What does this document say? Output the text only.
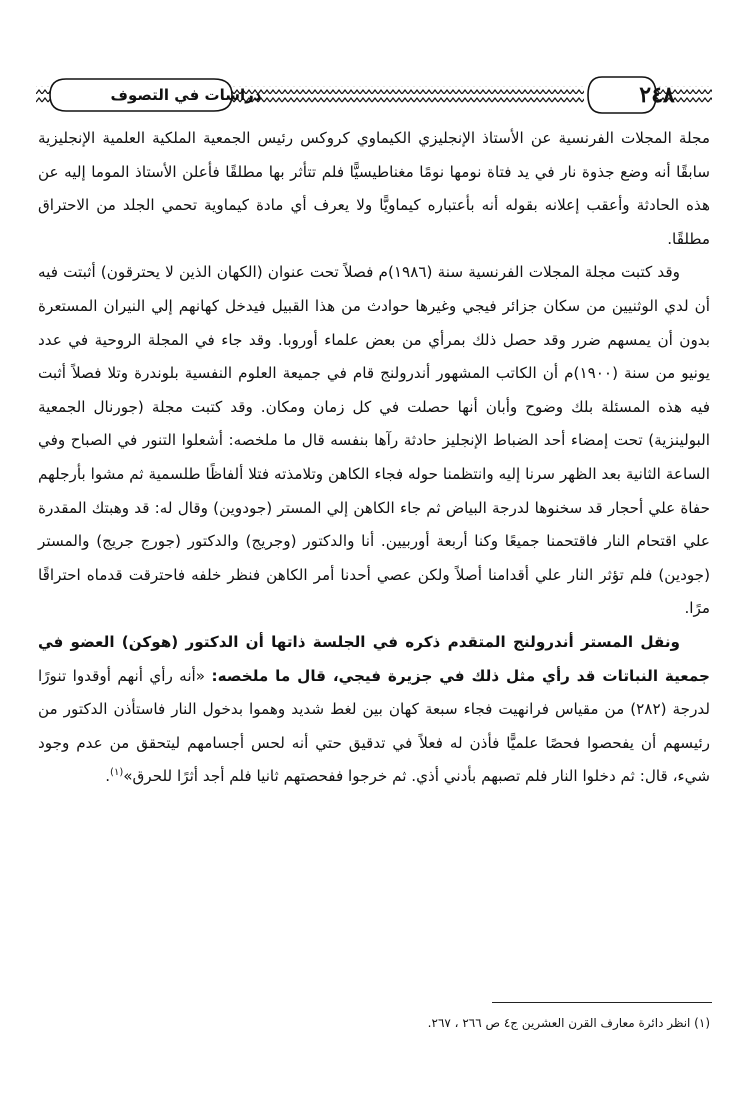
دراسات في التصوف	٢٤٨

مجلة المجلات الفرنسية عن الأستاذ الإنجليزي الكيماوي كروكس رئيس الجمعية الملكية العلمية الإنجليزية سابقًا أنه وضع جذوة نار في يد فتاة نومها نومًا مغناطيسيًّا فلم تتأثر بها مطلقًا فأعلن الأستاذ الموما إليه عن هذه الحادثة وأعقب إعلانه بقوله أنه بأعتباره كيماويًّا ولا يعرف أي مادة كيماوية تحمي الجلد من الاحتراق مطلقًا.

وقد كتبت مجلة المجلات الفرنسية سنة (١٩٨٦)م فصلاً تحت عنوان (الكهان الذين لا يحترقون) أثبتت فيه أن لدي الوثنيين من سكان جزائر فيجي وغيرها حوادث من هذا القبيل فيدخل كهانهم إلي النيران المستعرة بدون أن يمسهم ضرر وقد حصل ذلك بمرأي من بعض علماء أوروبا. وقد جاء في المجلة الروحية في عدد يونيو من سنة (١٩٠٠)م أن الكاتب المشهور أندرولنج قام في جميعة العلوم النفسية بلوندرة وتلا فصلاً أثبت فيه هذه المسئلة بلك وضوح وأبان أنها حصلت في كل زمان ومكان. وقد كتبت مجلة (جورنال الجمعية البولينزية) تحت إمضاء أحد الضباط الإنجليز حادثة رآها بنفسه قال ما ملخصه: أشعلوا التنور في الصباح وفي الساعة الثانية بعد الظهر سرنا إليه وانتظمنا حوله فجاء الكاهن وتلامذته فتلا ألفاظًا طلسمية ثم مشوا بأرجلهم حفاة علي أحجار قد سخنوها لدرجة البياض ثم جاء الكاهن إلي المستر (جودوين) وقال له: قد وهبتك المقدرة علي اقتحام النار فاقتحمنا جميعًا وكنا أربعة أوربيين. أنا والدكتور (وجريج) والدكتور (جورج جريج) والمستر (جودين) فلم تؤثر النار علي أقدامنا أصلاً ولكن عصي أحدنا أمر الكاهن فنظر خلفه فاحترقت قدماه احتراقًا مرًا.

ونقل المستر أندرولنج المتقدم ذكره في الجلسة ذاتها أن الدكتور (هوكن) العضو في جمعية النباتات قد رأي مثل ذلك في جزيرة فيجي، قال ما ملخصه: «أنه رأي أنهم أوقدوا تنورًا لدرجة (٢٨٢) من مقياس فرانهيت فجاء سبعة كهان بين لغط شديد وهموا بدخول النار فاستأذن الدكتور من رئيسهم أن يفحصوا فحصًا علميًّا فأذن له فعلاً في تدقيق حتي أنه لحس أجسامهم ليتحقق من عدم وجود شيء، قال: ثم دخلوا النار فلم تصبهم بأدني أذي. ثم خرجوا ففحصتهم ثانيا فلم أجد أثرًا للحرق»$^{(١)}$.

(١) انظر دائرة معارف القرن العشرين ج٤ ص ٢٦٦ ، ٢٦٧.
